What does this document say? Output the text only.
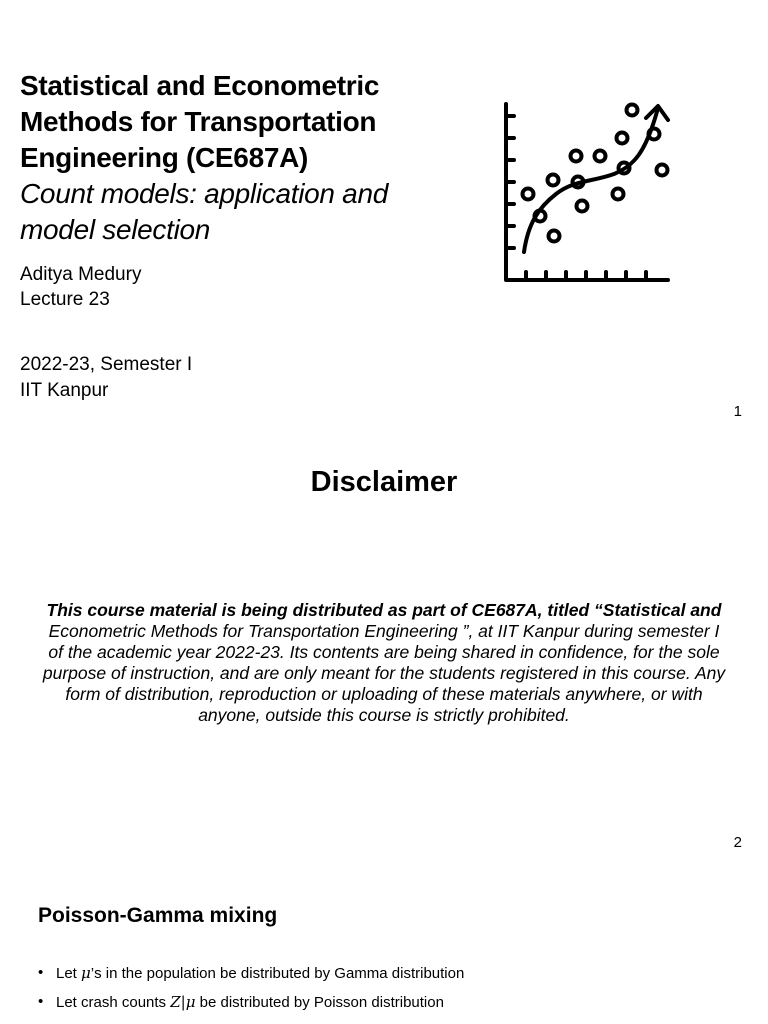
Statistical and Econometric Methods for Transportation Engineering (CE687A)
Count models: application and model selection
Aditya Medury
Lecture 23
2022-23, Semester I
IIT Kanpur
1
Disclaimer
This course material is being distributed as part of CE687A, titled “Statistical and Econometric Methods for Transportation Engineering ”, at IIT Kanpur during semester I of the academic year 2022-23. Its contents are being shared in confidence, for the sole purpose of instruction, and are only meant for the students registered in this course. Any form of distribution, reproduction or uploading of these materials anywhere, or with anyone, outside this course is strictly prohibited.
2
Poisson-Gamma mixing
• Let μ’s in the population be distributed by Gamma distribution
• Let crash counts Z|μ be distributed by Poisson distribution
